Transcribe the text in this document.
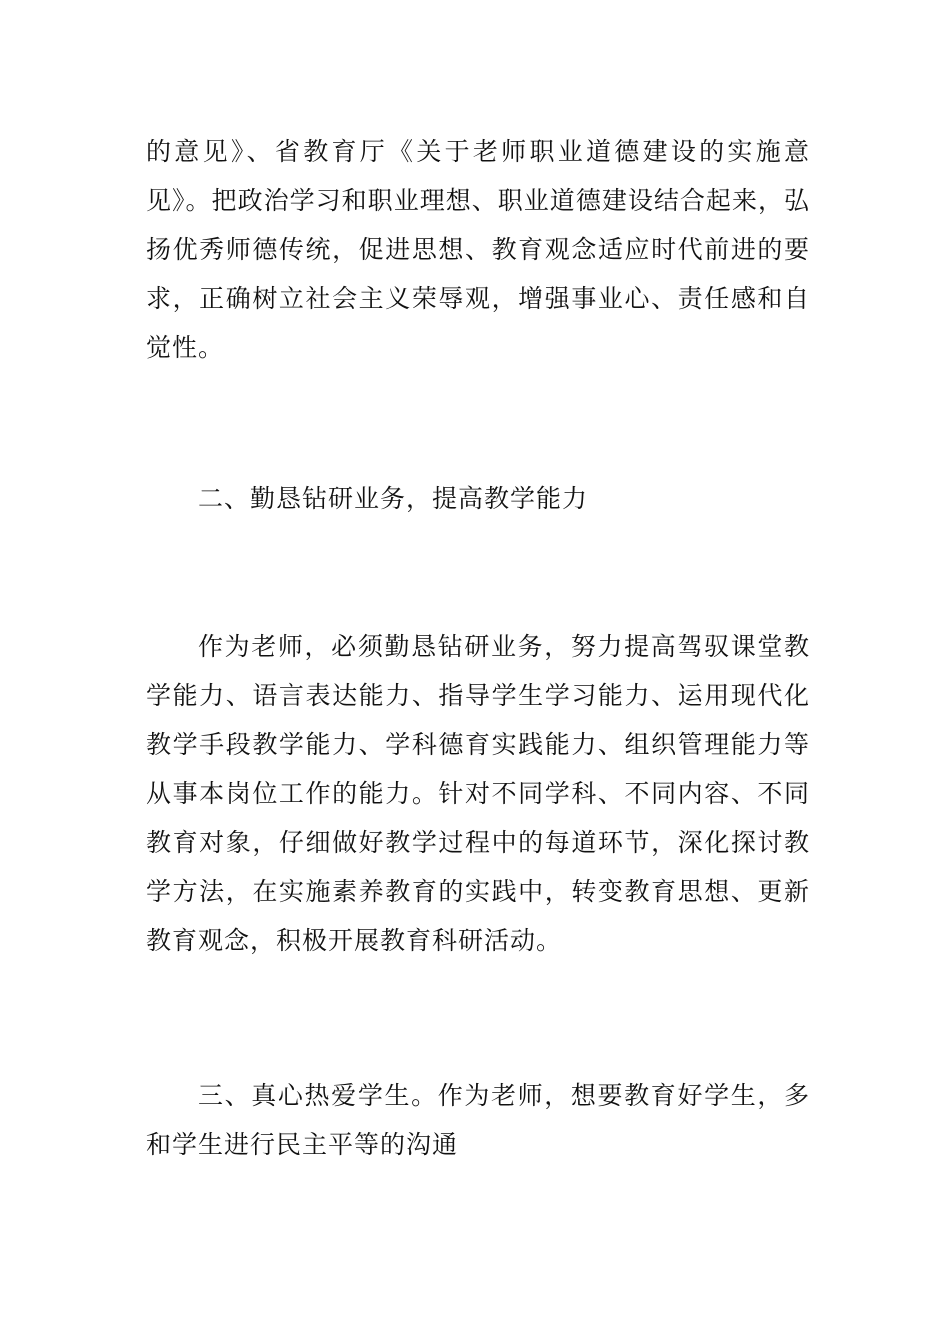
的意见》、省教育厅《关于老师职业道德建设的实施意见》。把政治学习和职业理想、职业道德建设结合起来，弘扬优秀师德传统，促进思想、教育观念适应时代前进的要求，正确树立社会主义荣辱观，增强事业心、责任感和自觉性。

二、勤恳钻研业务，提高教学能力

作为老师，必须勤恳钻研业务，努力提高驾驭课堂教学能力、语言表达能力、指导学生学习能力、运用现代化教学手段教学能力、学科德育实践能力、组织管理能力等从事本岗位工作的能力。针对不同学科、不同内容、不同教育对象，仔细做好教学过程中的每道环节，深化探讨教学方法，在实施素养教育的实践中，转变教育思想、更新教育观念，积极开展教育科研活动。

三、真心热爱学生。作为老师，想要教育好学生，多和学生进行民主平等的沟通
